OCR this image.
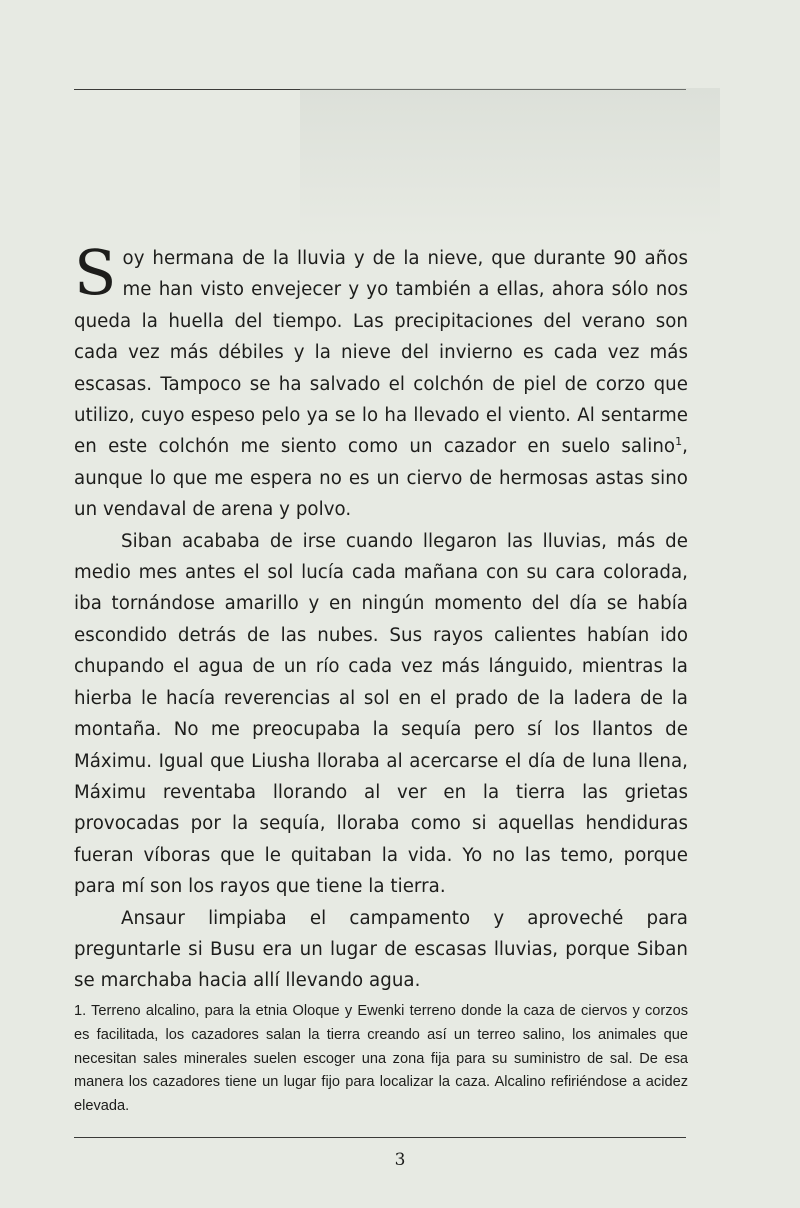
Soy hermana de la lluvia y de la nieve, que durante 90 años me han visto envejecer y yo también a ellas, ahora sólo nos queda la huella del tiempo. Las precipitaciones del verano son cada vez más débiles y la nieve del invierno es cada vez más escasas. Tampoco se ha salvado el colchón de piel de corzo que utilizo, cuyo espeso pelo ya se lo ha llevado el viento. Al sentarme en este colchón me siento como un cazador en suelo salino$^1$, aunque lo que me espera no es un ciervo de hermosas astas sino un vendaval de arena y polvo.

Siban acababa de irse cuando llegaron las lluvias, más de medio mes antes el sol lucía cada mañana con su cara colorada, iba tornándose amarillo y en ningún momento del día se había escondido detrás de las nubes. Sus rayos calientes habían ido chupando el agua de un río cada vez más lánguido, mientras la hierba le hacía reverencias al sol en el prado de la ladera de la montaña. No me preocupaba la sequía pero sí los llantos de Máximu. Igual que Liusha lloraba al acercarse el día de luna llena, Máximu reventaba llorando al ver en la tierra las grietas provocadas por la sequía, lloraba como si aquellas hendiduras fueran víboras que le quitaban la vida. Yo no las temo, porque para mí son los rayos que tiene la tierra.

Ansaur limpiaba el campamento y aproveché para preguntarle si Busu era un lugar de escasas lluvias, porque Siban se marchaba hacia allí llevando agua.

1. Terreno alcalino, para la etnia Oloque y Ewenki terreno donde la caza de ciervos y corzos es facilitada, los cazadores salan la tierra creando así un terreo salino, los animales que necesitan sales minerales suelen escoger una zona fija para su suministro de sal. De esa manera los cazadores tiene un lugar fijo para localizar la caza. Alcalino refiriéndose a acidez elevada.

3
